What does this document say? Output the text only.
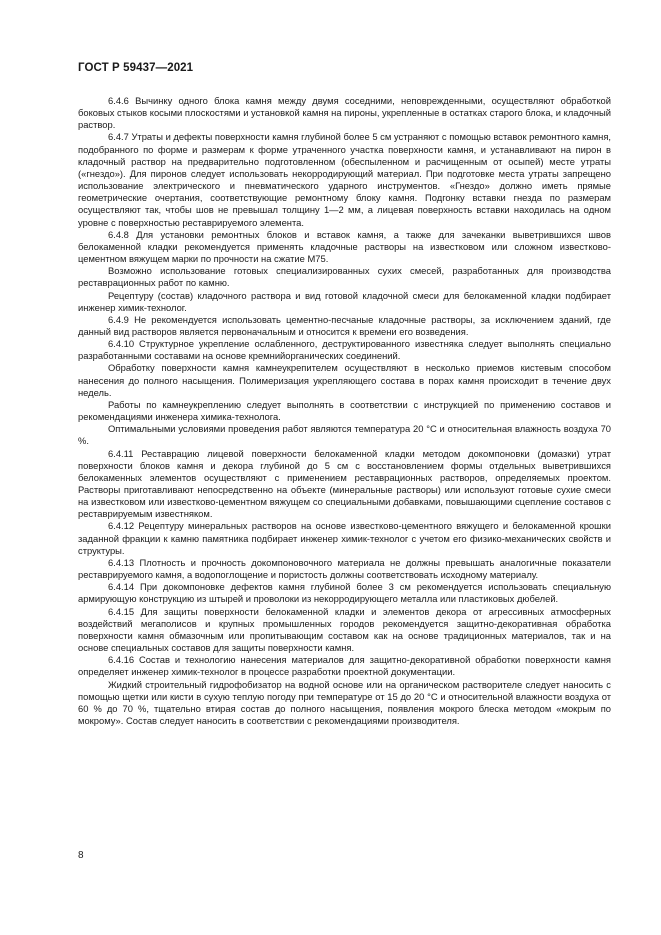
ГОСТ Р 59437—2021

6.4.6 Вычинку одного блока камня между двумя соседними, неповрежденными, осуществляют обработкой боковых стыков косыми плоскостями и установкой камня на пироны, укрепленные в остатках старого блока, и кладочный раствор.

6.4.7 Утраты и дефекты поверхности камня глубиной более 5 см устраняют с помощью вставок ремонтного камня, подобранного по форме и размерам к форме утраченного участка поверхности камня, и устанавливают на пирон в кладочный раствор на предварительно подготовленном (обеспыленном и расчищенным от осыпей) месте утраты («гнездо»). Для пиронов следует использовать некорродирующий материал. При подготовке места утраты запрещено использование электрического и пневматического ударного инструментов. «Гнездо» должно иметь прямые геометрические очертания, соответствующие ремонтному блоку камня. Подгонку вставки гнезда по размерам осуществляют так, чтобы шов не превышал толщину 1—2 мм, а лицевая поверхность вставки находилась на одном уровне с поверхностью реставрируемого элемента.

6.4.8 Для установки ремонтных блоков и вставок камня, а также для зачеканки выветрившихся швов белокаменной кладки рекомендуется применять кладочные растворы на известковом или сложном известково-цементном вяжущем марки по прочности на сжатие М75.

Возможно использование готовых специализированных сухих смесей, разработанных для производства реставрационных работ по камню.

Рецептуру (состав) кладочного раствора и вид готовой кладочной смеси для белокаменной кладки подбирает инженер химик-технолог.

6.4.9 Не рекомендуется использовать цементно-песчаные кладочные растворы, за исключением зданий, где данный вид растворов является первоначальным и относится к времени его возведения.

6.4.10 Структурное укрепление ослабленного, деструктированного известняка следует выполнять специально разработанными составами на основе кремнийорганических соединений.

Обработку поверхности камня камнеукрепителем осуществляют в несколько приемов кистевым способом нанесения до полного насыщения. Полимеризация укрепляющего состава в порах камня происходит в течение двух недель.

Работы по камнеукреплению следует выполнять в соответствии с инструкцией по применению составов и рекомендациями инженера химика-технолога.

Оптимальными условиями проведения работ являются температура 20 °С и относительная влажность воздуха 70 %.

6.4.11 Реставрацию лицевой поверхности белокаменной кладки методом докомпоновки (домазки) утрат поверхности блоков камня и декора глубиной до 5 см с восстановлением формы отдельных выветрившихся белокаменных элементов осуществляют с применением реставрационных растворов, определяемых проектом. Растворы приготавливают непосредственно на объекте (минеральные растворы) или используют готовые сухие смеси на известковом или известково-цементном вяжущем со специальными добавками, повышающими сцепление составов с реставрируемым известняком.

6.4.12 Рецептуру минеральных растворов на основе известково-цементного вяжущего и белокаменной крошки заданной фракции к камню памятника подбирает инженер химик-технолог с учетом его физико-механических свойств и структуры.

6.4.13 Плотность и прочность докомпоновочного материала не должны превышать аналогичные показатели реставрируемого камня, а водопоглощение и пористость должны соответствовать исходному материалу.

6.4.14 При докомпоновке дефектов камня глубиной более 3 см рекомендуется использовать специальную армирующую конструкцию из штырей и проволоки из некорродирующего металла или пластиковых дюбелей.

6.4.15 Для защиты поверхности белокаменной кладки и элементов декора от агрессивных атмосферных воздействий мегаполисов и крупных промышленных городов рекомендуется защитно-декоративная обработка поверхности камня обмазочным или пропитывающим составом как на основе традиционных материалов, так и на основе специальных составов для защиты поверхности камня.

6.4.16 Состав и технологию нанесения материалов для защитно-декоративной обработки поверхности камня определяет инженер химик-технолог в процессе разработки проектной документации.

Жидкий строительный гидрофобизатор на водной основе или на органическом растворителе следует наносить с помощью щетки или кисти в сухую теплую погоду при температуре от 15 до 20 °С и относительной влажности воздуха от 60 % до 70 %, тщательно втирая состав до полного насыщения, появления мокрого блеска методом «мокрым по мокрому». Состав следует наносить в соответствии с рекомендациями производителя.

8
